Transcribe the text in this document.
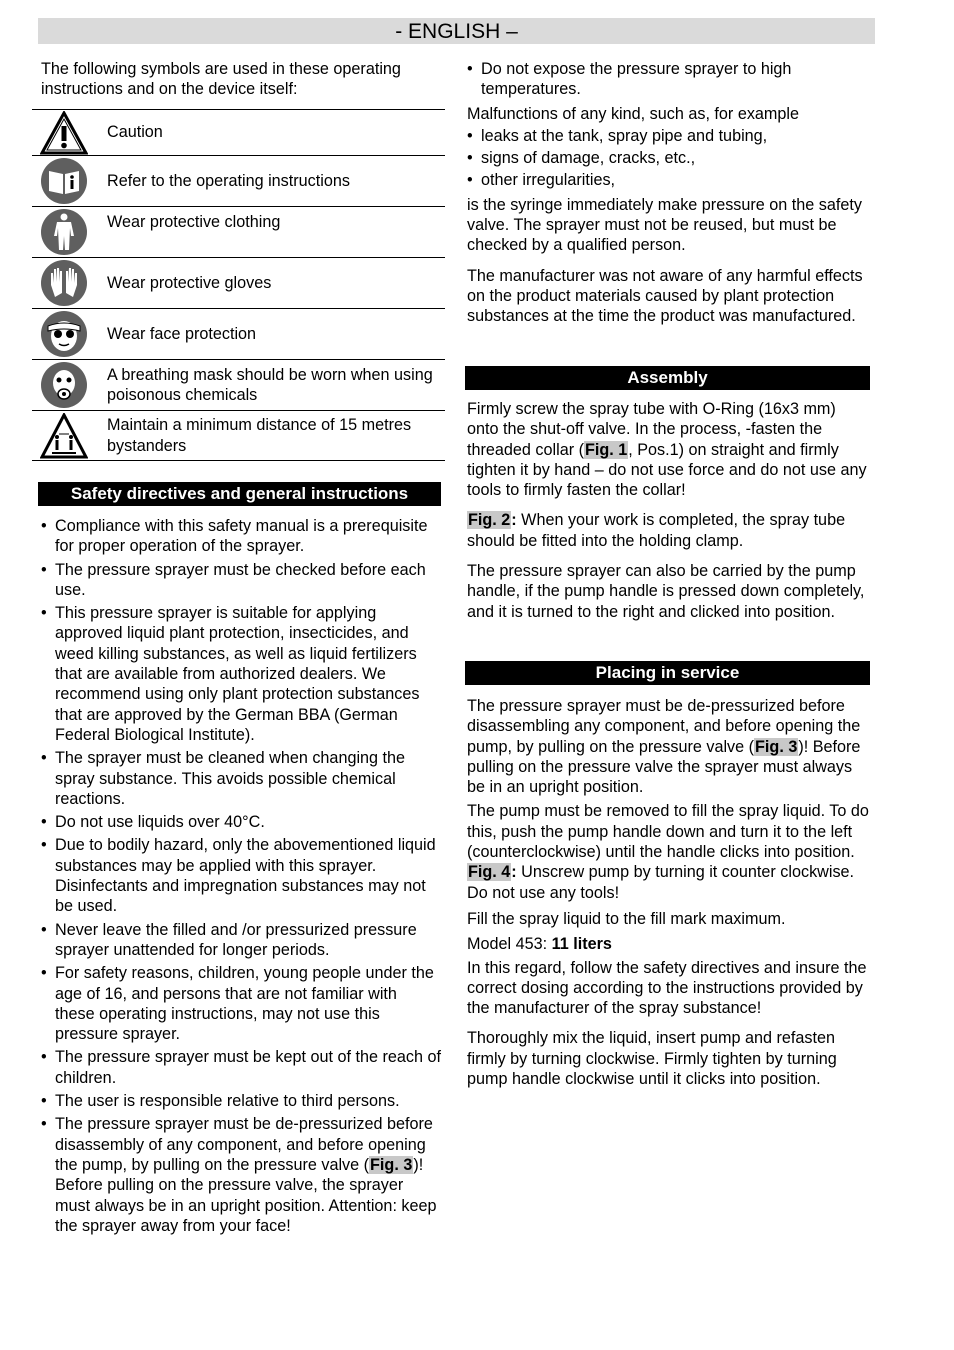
- ENGLISH –

The following symbols are used in these operating instructions and on the device itself:

Caution
Refer to the operating instructions
Wear protective clothing
Wear protective gloves
Wear face protection
A breathing mask should be worn when using poisonous chemicals
Maintain a minimum distance of 15 metres bystanders
Safety directives and general instructions
• Compliance with this safety manual is a prerequisite for proper operation of the sprayer.
• The pressure sprayer must be checked before each use.
• This pressure sprayer is suitable for applying approved liquid plant protection, insecticides, and weed killing substances, as well as liquid fertilizers that are available from authorized dealers. We recommend using only plant protection substances that are approved by the German BBA (German Federal Biological Institute).
• The sprayer must be cleaned when changing the spray substance. This avoids possible chemical reactions.
• Do not use liquids over 40°C.
• Due to bodily hazard, only the abovementioned liquid substances may be applied with this sprayer. Disinfectants and impregnation substances may not be used.
• Never leave the filled and /or pressurized pressure sprayer unattended for longer periods.
• For safety reasons, children, young people under the age of 16, and persons that are not familiar with these operating instructions, may not use this pressure sprayer.
• The pressure sprayer must be kept out of the reach of children.
• The user is responsible relative to third persons.
• The pressure sprayer must be de-pressurized before disassembly of any component, and before opening the pump, by pulling on the pressure valve (Fig. 3)! Before pulling on the pressure valve, the sprayer must always be in an upright position. Attention: keep the sprayer away from your face!
• Do not expose the pressure sprayer to high temperatures.

Malfunctions of any kind, such as, for example

• leaks at the tank, spray pipe and tubing,
• signs of damage, cracks, etc.,
• other irregularities,

is the syringe immediately make pressure on the safety valve. The sprayer must not be reused, but must be checked by a qualified person.

The manufacturer was not aware of any harmful effects on the product materials caused by plant protection substances at the time the product was manufactured.

Assembly

Firmly screw the spray tube with O-Ring (16x3 mm) onto the shut-off valve. In the process, -fasten the threaded collar (Fig. 1, Pos.1) on straight and firmly tighten it by hand – do not use force and do not use any tools to firmly fasten the collar!

Fig. 2: When your work is completed, the spray tube should be fitted into the holding clamp.

The pressure sprayer can also be carried by the pump handle, if the pump handle is pressed down completely, and it is turned to the right and clicked into position.

Placing in service

The pressure sprayer must be de-pressurized before disassembling any component, and before opening the pump, by pulling on the pressure valve (Fig. 3)! Before pulling on the pressure valve the sprayer must always be in an upright position.

The pump must be removed to fill the spray liquid. To do this, push the pump handle down and turn it to the left (counterclockwise) until the handle clicks into position.

Fig. 4: Unscrew pump by turning it counter clockwise. Do not use any tools!

Fill the spray liquid to the fill mark maximum.

Model 453: 11 liters

In this regard, follow the safety directives and insure the correct dosing according to the instructions provided by the manufacturer of the spray substance!

Thoroughly mix the liquid, insert pump and refasten firmly by turning clockwise. Firmly tighten by turning pump handle clockwise until it clicks into position.
